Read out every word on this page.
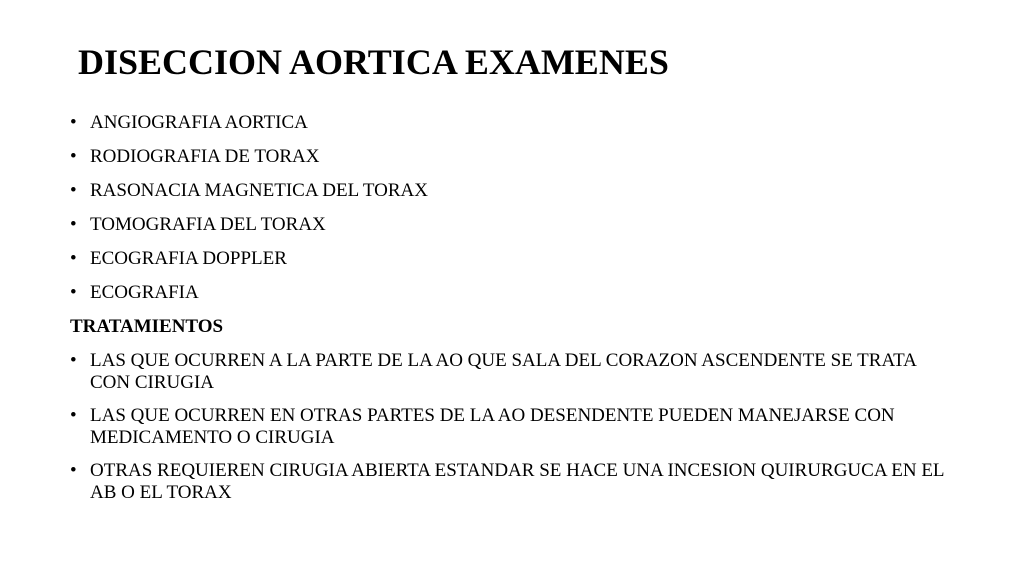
DISECCION AORTICA EXAMENES
• ANGIOGRAFIA AORTICA
• RODIOGRAFIA DE TORAX
• RASONACIA MAGNETICA DEL TORAX
• TOMOGRAFIA DEL TORAX
• ECOGRAFIA DOPPLER
• ECOGRAFIA

TRATAMIENTOS

• LAS QUE OCURREN A LA PARTE DE LA AO QUE SALA DEL CORAZON ASCENDENTE SE TRATA CON CIRUGIA
• LAS QUE OCURREN EN OTRAS PARTES DE LA AO DESENDENTE PUEDEN MANEJARSE CON MEDICAMENTO O CIRUGIA
• OTRAS REQUIEREN CIRUGIA ABIERTA ESTANDAR SE HACE UNA INCESION QUIRURGUCA EN EL AB O EL TORAX
